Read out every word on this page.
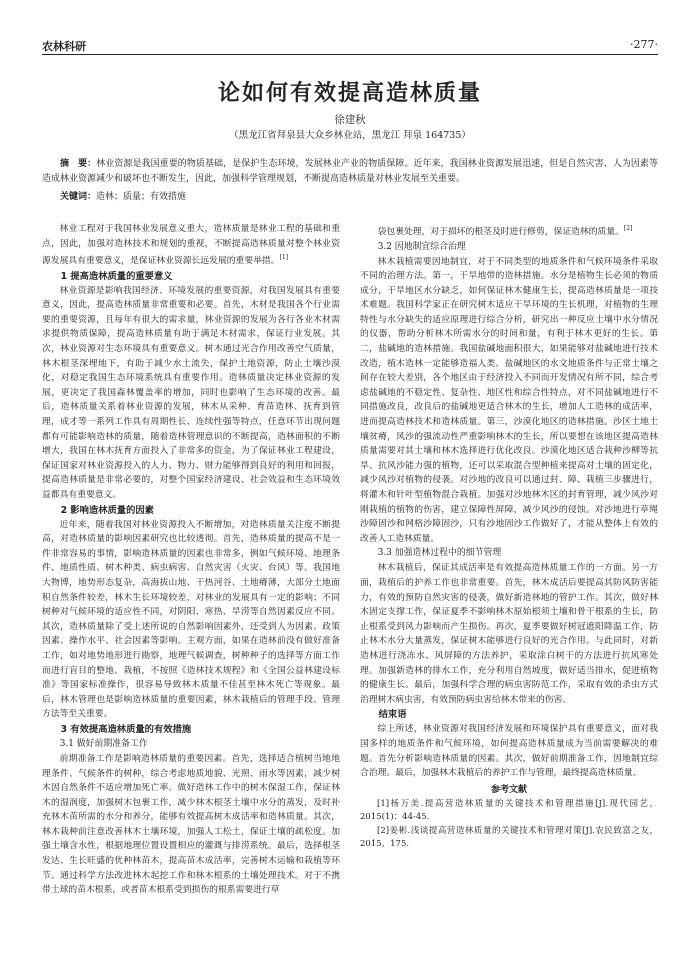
农林科研	·277·
论如何有效提高造林质量
徐建秋
（黑龙江省拜泉县大众乡林业站，黑龙江 拜泉 164735）
摘　要：林业资源是我国重要的物质基础，是保护生态环境，发展林业产业的物质保障。近年来，我国林业资源发展迅速，但是自然灾害、人为因素等造成林业资源减少和破坏也不断发生，因此，加强科学管理规划，不断提高造林质量对林业发展至关重要。
关键词：造林；质量；有效措施

林业工程对于我国林业发展意义重大，造林质量是林业工程的基础和重点，因此，加强对造林技术和规划的重视，不断提高造林质量对整个林业资源发展具有重要意义，是保证林业资源长远发展的重要举措。[1]

1 提高造林质量的重要意义

林业资源是影响我国经济、环境发展的重要资源，对我国发展具有重要意义，因此，提高造林质量非常重要和必要。首先，木材是我国各个行业需要的重要资源，且每年有很大的需求量，林业资源的发展为各行各业木材需求提供物质保障，提高造林质量有助于满足木材需求，保证行业发展。其次，林业资源对生态环境具有重要意义。树木通过光合作用改善空气质量，林木根茎深埋地下，有助于减少水土流失，保护土地资源，防止土壤沙漠化，对稳定我国生态环境系统具有重要作用。造林质量决定林业资源的发展，更决定了我国森林覆盖率的增加，同时也影响了生态环境的改善。最后，造林质量关系着林业资源的发展，林木从采种、育苗造林、抚育到管理，成才等一系列工作具有周期性长、连续性强等特点，任意环节出现问题都有可能影响造林的质量，随着造林管理意识的不断提高，造林面积的不断增大，我国在林木抚育方面投入了非常多的资金，为了保证林业工程建设，保证国家对林业资源投入的人力、物力、财力能够得到良好的利用和回报，提高造林质量是非常必要的，对整个国家经济建设、社会效益和生态环境效益都具有重要意义。

2 影响造林质量的因素

近年来，随着我国对林业资源投入不断增加，对造林质量关注度不断提高，对造林质量的影响因素研究也比较透彻。首先，造林质量的提高不是一件非常容易的事情，影响造林质量的因素也非常多，例如气候环境、地理条件、地质性质、树木种类、病虫病害、自然灾害（火灾、台风）等。我国地大物博，地势形态复杂，高海拔山地、干热河谷、土地瘠薄，大部分土地面积自然条件较差，林木生长环境较差，对林业的发展具有一定的影响；不同树种对气候环境的适应性不同，对阴阳、寒热、旱涝等自然因素反应不同。其次，造林质量除了受上述所说的自然影响因素外，还受到人为因素、政策因素、操作水平、社会因素等影响。主观方面，如果在造林前没有做好准备工作，如对地势地形进行勘察，地理气候调查，树种种子的选择等方面工作而进行盲目的整地、栽植，不按照《造林技术规程》和《全国公益林建设标准》等国家标准操作，很容易导致林木质量不佳甚至林木死亡等现象。最后，林木管理也是影响造林质量的重要因素，林木栽植后的管理手段、管理方法等至关重要。

3 有效提高造林质量的有效措施
3.1 做好前期准备工作

前期准备工作是影响造林质量的重要因素。首先，选择适合植树当地地理条件、气候条件的树种，综合考虑地质地貌、光照、雨水等因素，减少树木因自然条件不适应增加死亡率。做好造林工作中的树木保湿工作，保证林木的湿润度，加强树木包裹工作，减少林木根茎土壤中水分的蒸发，及时补充林木苗所需的水分和养分，能够有效提高树木成活率和造林质量。其次，林木栽种前注意改善林木土壤环境，加强人工松土，保证土壤的疏松度。加强土壤含水性，根据地理位置设置相应的灌溉与排涝系统。最后，选择根茎发达、生长旺盛的优种林苗木，提高苗木成活率，完善树木运输和栽植等环节。通过科学方法改进林木起挖工作和林木根系的土壤处理技术。对于不携带土球的苗木根系，或者苗木根系受到损伤的根系需要进行草

袋包裹处理，对于损坏的根茎及时进行修剪，保证造林的质量。[2]

3.2 因地制宜综合治理

林木栽植需要因地制宜，对于不同类型的地质条件和气候环境条件采取不同的治理方法。第一，干旱地带的造林措施。水分是植物生长必须的物质成分，干旱地区水分缺乏，如何保证林木健康生长，提高造林质量是一项技术难题。我国科学家正在研究树木适应干旱环境的生长机理，对植物的生理特性与水分缺失的适应原理进行综合分析，研究出一种反应土壤中水分情况的仪器，帮助分析林木所需水分的时间和量，有利于林木更好的生长。第二，盐碱地的造林措施。我国盐碱地面积很大，如果能够对盐碱地进行技术改造，植木造林一定能够造福人类。盐碱地区的水文地质条件与正常土壤之间存在较大差别，各个地区由于经济投入不同而开发情况有所不同，综合考虑盐碱地的不稳定性、复杂性、地区性和综合性特点，对不同盐碱地进行不同措施改良，改良后的盐碱地更适合林木的生长，增加人工造林的成活率，进而提高造林技术和造林质量。第三，沙漠化地区的造林措施。沙区土地土壤贫瘠，风沙的强流动性严重影响林木的生长，所以要想在该地区提高造林质量需要对其土壤和林木选择进行优化改良。沙漠化地区适合栽种沙柳等抗旱、抗风沙能力强的植物，还可以采取混合型种植来提高对土壤的固定化，减少风沙对植物的侵袭。对沙地的改良可以通过封、障、栽植三步骤进行，将灌木和针叶型植物混合栽植。加强对沙地林木区的封育管理，减少风沙对刚栽植的植物的伤害，建立保障性屏障，减少风沙的侵蚀。对沙地进行草绳沙障固沙和网格沙障固沙，只有沙地固沙工作做好了，才能从整体上有效的改善人工造林质量。

3.3 加强造林过程中的细节管理

林木栽植后，保证其成活率是有效提高造林质量工作的一方面。另一方面，栽植后的护养工作也非常重要。首先，林木成活后要提高其防风防害能力，有效的预防自然灾害的侵袭，做好新造林地的管护工作。其次，做好林木固定支撑工作，保证夏季不影响林木原始根须土壤和骨干根系的生长，防止根系受到风力影响而产生损伤。再次，夏季要做好树冠遮阳降温工作，防止林木水分大量蒸发，保证树木能够进行良好的光合作用。与此同时，对新造林进行浇冻水、风屏障的方法养护，采取涂白树干的方法进行抗风寒处理。加强新造林的排水工作，充分利用自然坡度，做好适当排水，促进植物的健康生长。最后，加强科学合理的病虫害防范工作，采取有效的杀虫方式治理树木病虫害，有效预防病虫害给林木带来的伤害。

结束语

综上所述，林业资源对我国经济发展和环境保护具有重要意义，面对我国多样的地质条件和气候环境，如何提高造林质量成为当前需要解决的难题。首先分析影响造林质量的因素。其次，做好前期准备工作，因地制宜综合治理。最后，加强林木栽植后的养护工作与管理，最终提高造林质量。

参考文献

[1]杨万美.提高营造林质量的关键技术和管理措施[J].现代园艺，2015(1)：44-45.

[2]姜彬.浅谈提高营造林质量的关键技术和管理对策[J].农民致富之友，2015，175.
